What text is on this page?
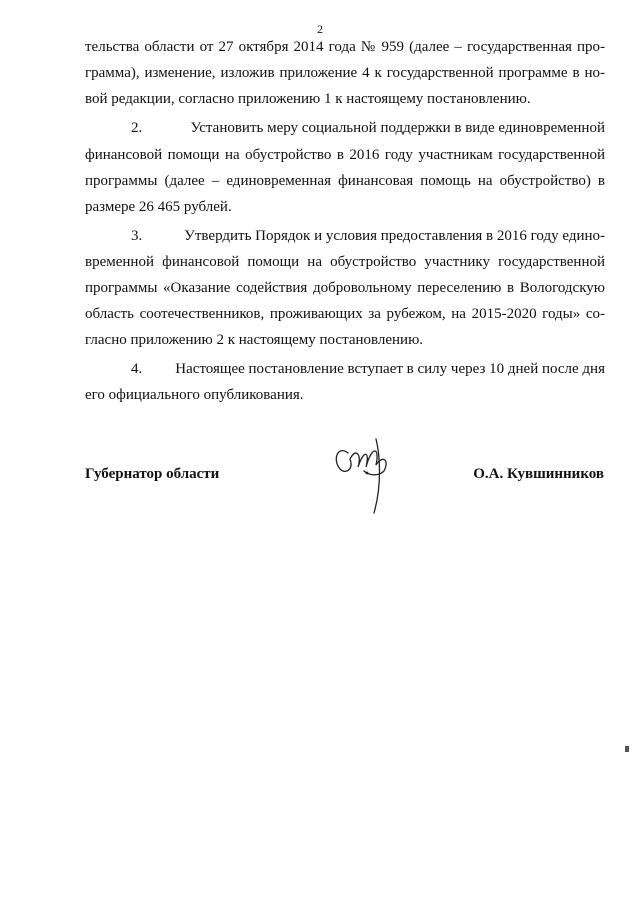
2
тельства области от 27 октября 2014 года № 959 (далее – государственная про-
грамма), изменение, изложив приложение 4 к государственной программе в но-
вой редакции, согласно приложению 1 к настоящему постановлению.
2.	Установить меру социальной поддержки в виде единовременной
финансовой помощи на обустройство в 2016 году участникам государственной
программы (далее – единовременная финансовая помощь на обустройство) в
размере 26 465 рублей.
3.	Утвердить Порядок и условия предоставления в 2016 году едино-
временной финансовой помощи на обустройство участнику государственной
программы «Оказание содействия добровольному переселению в Вологодскую
область соотечественников, проживающих за рубежом, на 2015-2020 годы» со-
гласно приложению 2 к настоящему постановлению.
4.	Настоящее постановление вступает в силу через 10 дней после дня
его официального опубликования.
Губернатор области	О.А. Кувшинников
